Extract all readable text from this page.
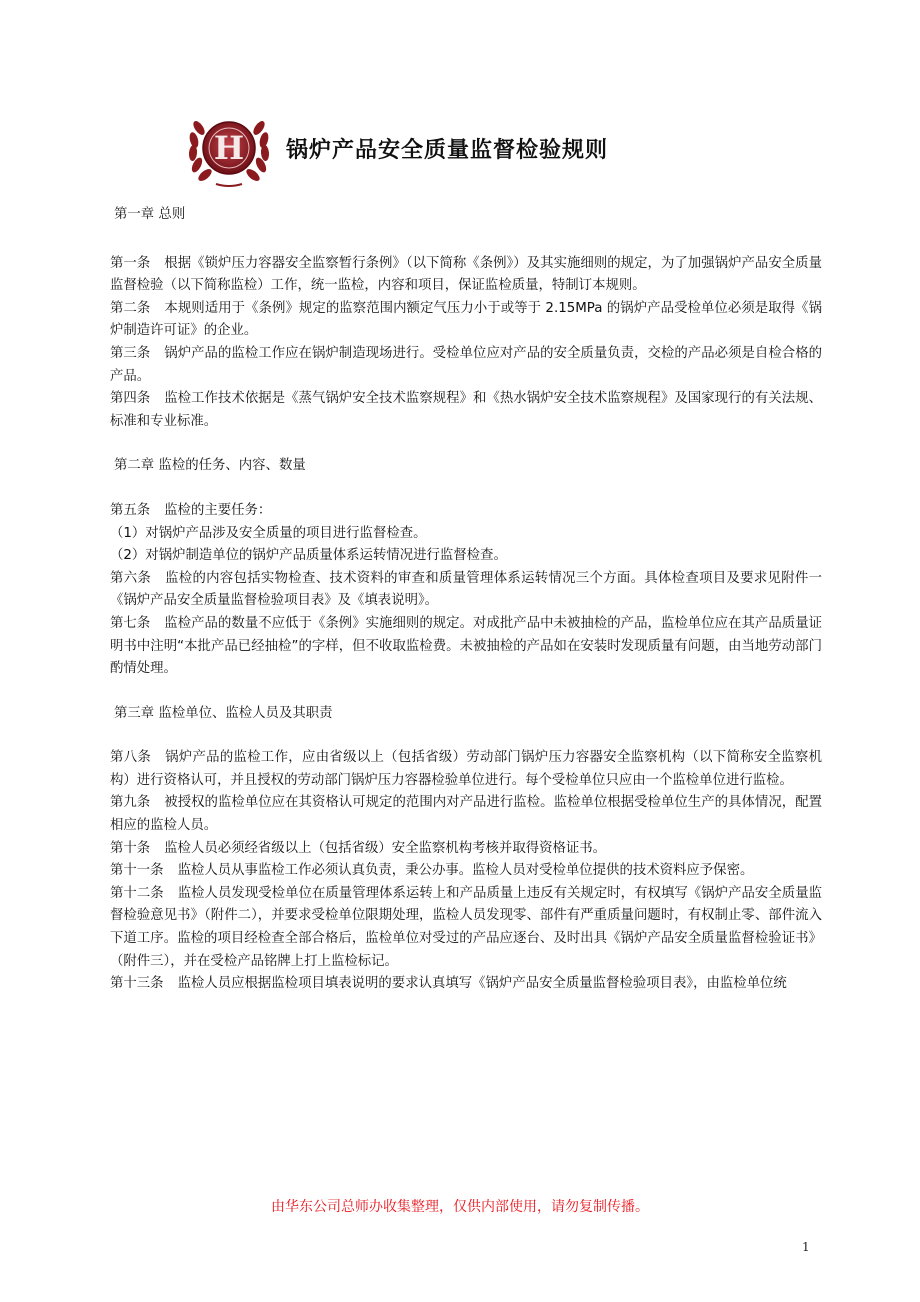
H 锅炉产品安全质量监督检验规则

第一章 总则

第一条 根据《锁炉压力容器安全监察暂行条例》（以下简称《条例》）及其实施细则的规定，为了加强锅炉产品安全质量监督检验（以下简称监检）工作，统一监检，内容和项目，保证监检质量，特制订本规则。

第二条 本规则适用于《条例》规定的监察范围内额定气压力小于或等于 2.15MPa 的锅炉产品受检单位必须是取得《锅炉制造许可证》的企业。

第三条 锅炉产品的监检工作应在锅炉制造现场进行。受检单位应对产品的安全质量负责，交检的产品必须是自检合格的产品。

第四条 监检工作技术依据是《蒸气锅炉安全技术监察规程》和《热水锅炉安全技术监察规程》及国家现行的有关法规、标准和专业标准。

第二章 监检的任务、内容、数量

第五条 监检的主要任务：

（1）对锅炉产品涉及安全质量的项目进行监督检查。

（2）对锅炉制造单位的锅炉产品质量体系运转情况进行监督检查。

第六条 监检的内容包括实物检查、技术资料的审查和质量管理体系运转情况三个方面。具体检查项目及要求见附件一《锅炉产品安全质量监督检验项目表》及《填表说明》。

第七条 监检产品的数量不应低于《条例》实施细则的规定。对成批产品中未被抽检的产品，监检单位应在其产品质量证明书中注明“本批产品已经抽检”的字样，但不收取监检费。未被抽检的产品如在安装时发现质量有问题，由当地劳动部门酌情处理。

第三章 监检单位、监检人员及其职责

第八条 锅炉产品的监检工作，应由省级以上（包括省级）劳动部门锅炉压力容器安全监察机构（以下简称安全监察机构）进行资格认可，并且授权的劳动部门锅炉压力容器检验单位进行。每个受检单位只应由一个监检单位进行监检。

第九条 被授权的监检单位应在其资格认可规定的范围内对产品进行监检。监检单位根据受检单位生产的具体情况，配置相应的监检人员。

第十条 监检人员必须经省级以上（包括省级）安全监察机构考核并取得资格证书。

第十一条 监检人员从事监检工作必须认真负责，秉公办事。监检人员对受检单位提供的技术资料应予保密。

第十二条 监检人员发现受检单位在质量管理体系运转上和产品质量上违反有关规定时，有权填写《锅炉产品安全质量监督检验意见书》（附件二），并要求受检单位限期处理，监检人员发现零、部件有严重质量问题时，有权制止零、部件流入下道工序。监检的项目经检查全部合格后，监检单位对受过的产品应逐台、及时出具《锅炉产品安全质量监督检验证书》（附件三），并在受检产品铭牌上打上监检标记。

第十三条 监检人员应根据监检项目填表说明的要求认真填写《锅炉产品安全质量监督检验项目表》，由监检单位统

由华东公司总师办收集整理，仅供内部使用，请勿复制传播。
1
